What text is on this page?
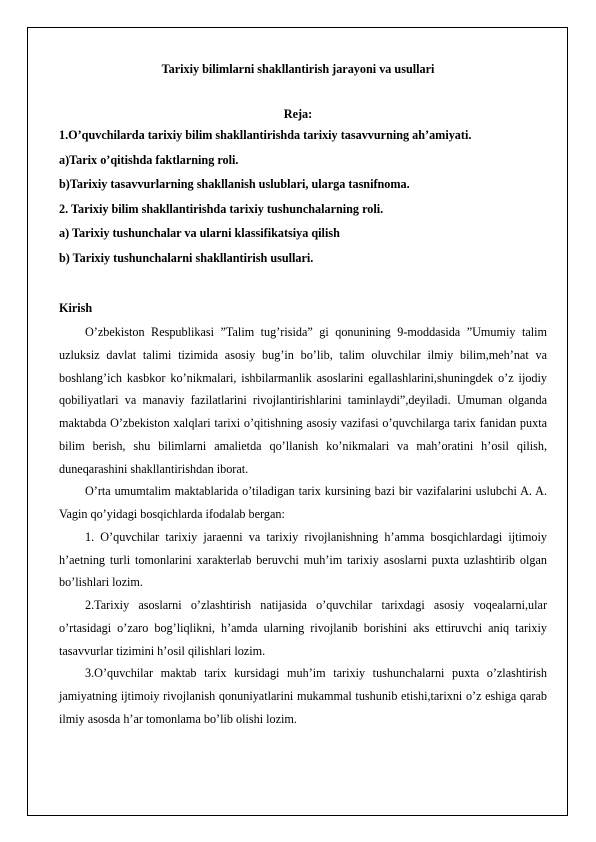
Tarixiy bilimlarni shakllantirish jarayoni va usullari
Reja:
1.O’quvchilarda tarixiy bilim shakllantirishda tarixiy tasavvurning ah’amiyati.
a)Tarix o’qitishda faktlarning roli.
b)Tarixiy tasavvurlarning shakllanish uslublari, ularga tasnifnoma.
2. Tarixiy bilim shakllantirishda tarixiy tushunchalarning roli.
a) Tarixiy tushunchalar va ularni klassifikatsiya qilish
b) Tarixiy tushunchalarni shakllantirish usullari.
Kirish

O’zbekiston Respublikasi ”Talim tug’risida” gi qonunining 9-moddasida ”Umumiy talim uzluksiz davlat talimi tizimida asosiy bug’in bo’lib, talim oluvchilar ilmiy bilim,meh’nat va boshlang’ich kasbkor ko’nikmalari, ishbilarmanlik asoslarini egallashlarini,shuningdek o’z ijodiy qobiliyatlari va manaviy fazilatlarini rivojlantirishlarini taminlaydi”,deyiladi. Umuman olganda maktabda O’zbekiston xalqlari tarixi o’qitishning asosiy vazifasi o’quvchilarga tarix fanidan puxta bilim berish, shu bilimlarni amalietda qo’llanish ko’nikmalari va mah’oratini h’osil qilish, duneqarashini shakllantirishdan iborat.

O’rta umumtalim maktablarida o’tiladigan tarix kursining bazi bir vazifalarini uslubchi A. A. Vagin qo’yidagi bosqichlarda ifodalab bergan:

1. O’quvchilar tarixiy jaraenni va tarixiy rivojlanishning h’amma bosqichlardagi ijtimoiy h’aetning turli tomonlarini xarakterlab beruvchi muh’im tarixiy asoslarni puxta uzlashtirib olgan bo’lishlari lozim.

2.Tarixiy asoslarni o’zlashtirish natijasida o’quvchilar tarixdagi asosiy voqealarni,ular o’rtasidagi o’zaro bog’liqlikni, h’amda ularning rivojlanib borishini aks ettiruvchi aniq tarixiy tasavvurlar tizimini h’osil qilishlari lozim.

3.O’quvchilar maktab tarix kursidagi muh’im tarixiy tushunchalarni puxta o’zlashtirish jamiyatning ijtimoiy rivojlanish qonuniyatlarini mukammal tushunib etishi,tarixni o’z eshiga qarab ilmiy asosda h’ar tomonlama bo’lib olishi lozim.
